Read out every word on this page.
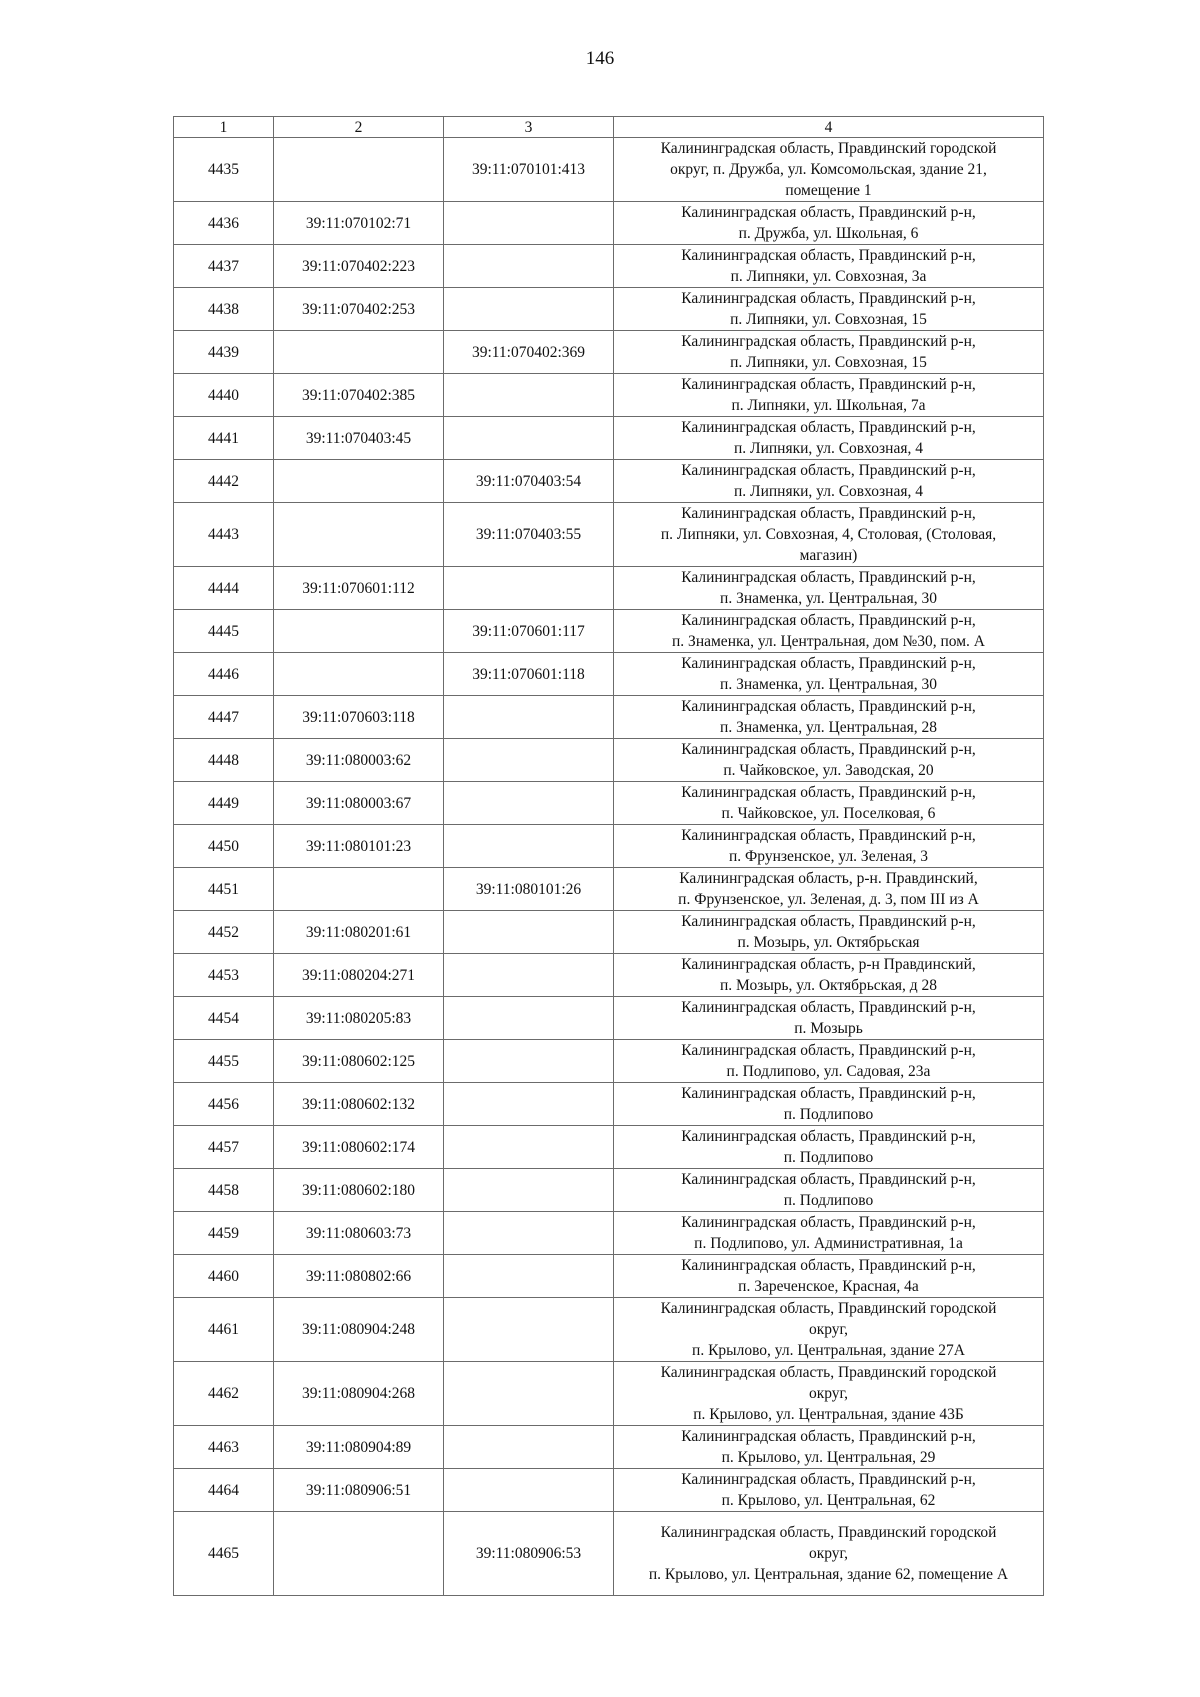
146
1	2	3	4
4435		39:11:070101:413	Калининградская область, Правдинский городской
округ, п. Дружба, ул. Комсомольская, здание 21,
помещение 1

4436	39:11:070102:71		Калининградская область, Правдинский р-н,
п. Дружба, ул. Школьная, 6

4437	39:11:070402:223		Калининградская область, Правдинский р-н,
п. Липняки, ул. Совхозная, 3а

4438	39:11:070402:253		Калининградская область, Правдинский р-н,
п. Липняки, ул. Совхозная, 15

4439		39:11:070402:369	Калининградская область, Правдинский р-н,
п. Липняки, ул. Совхозная, 15

4440	39:11:070402:385		Калининградская область, Правдинский р-н,
п. Липняки, ул. Школьная, 7а

4441	39:11:070403:45		Калининградская область, Правдинский р-н,
п. Липняки, ул. Совхозная, 4

4442		39:11:070403:54	Калининградская область, Правдинский р-н,
п. Липняки, ул. Совхозная, 4

4443		39:11:070403:55	Калининградская область, Правдинский р-н,
п. Липняки, ул. Совхозная, 4, Столовая, (Столовая,
магазин)

4444	39:11:070601:112		Калининградская область, Правдинский р-н,
п. Знаменка, ул. Центральная, 30

4445		39:11:070601:117	Калининградская область, Правдинский р-н,
п. Знаменка, ул. Центральная, дом №30, пом. А

4446		39:11:070601:118	Калининградская область, Правдинский р-н,
п. Знаменка, ул. Центральная, 30

4447	39:11:070603:118		Калининградская область, Правдинский р-н,
п. Знаменка, ул. Центральная, 28

4448	39:11:080003:62		Калининградская область, Правдинский р-н,
п. Чайковское, ул. Заводская, 20

4449	39:11:080003:67		Калининградская область, Правдинский р-н,
п. Чайковское, ул. Поселковая, 6

4450	39:11:080101:23		Калининградская область, Правдинский р-н,
п. Фрунзенское, ул. Зеленая, 3

4451		39:11:080101:26	Калининградская область, р-н. Правдинский,
п. Фрунзенское, ул. Зеленая, д. 3, пом III из А

4452	39:11:080201:61		Калининградская область, Правдинский р-н,
п. Мозырь, ул. Октябрьская

4453	39:11:080204:271		Калининградская область, р-н Правдинский,
п. Мозырь, ул. Октябрьская, д 28

4454	39:11:080205:83		Калининградская область, Правдинский р-н,
п. Мозырь

4455	39:11:080602:125		Калининградская область, Правдинский р-н,
п. Подлипово, ул. Садовая, 23а

4456	39:11:080602:132		Калининградская область, Правдинский р-н,
п. Подлипово

4457	39:11:080602:174		Калининградская область, Правдинский р-н,
п. Подлипово

4458	39:11:080602:180		Калининградская область, Правдинский р-н,
п. Подлипово

4459	39:11:080603:73		Калининградская область, Правдинский р-н,
п. Подлипово, ул. Административная, 1а

4460	39:11:080802:66		Калининградская область, Правдинский р-н,
п. Зареченское, Красная, 4а

4461	39:11:080904:248		Калининградская область, Правдинский городской
округ,
п. Крылово, ул. Центральная, здание 27А

4462	39:11:080904:268		Калининградская область, Правдинский городской
округ,
п. Крылово, ул. Центральная, здание 43Б

4463	39:11:080904:89		Калининградская область, Правдинский р-н,
п. Крылово, ул. Центральная, 29

4464	39:11:080906:51		Калининградская область, Правдинский р-н,
п. Крылово, ул. Центральная, 62

4465		39:11:080906:53	Калининградская область, Правдинский городской
округ,
п. Крылово, ул. Центральная, здание 62, помещение А
